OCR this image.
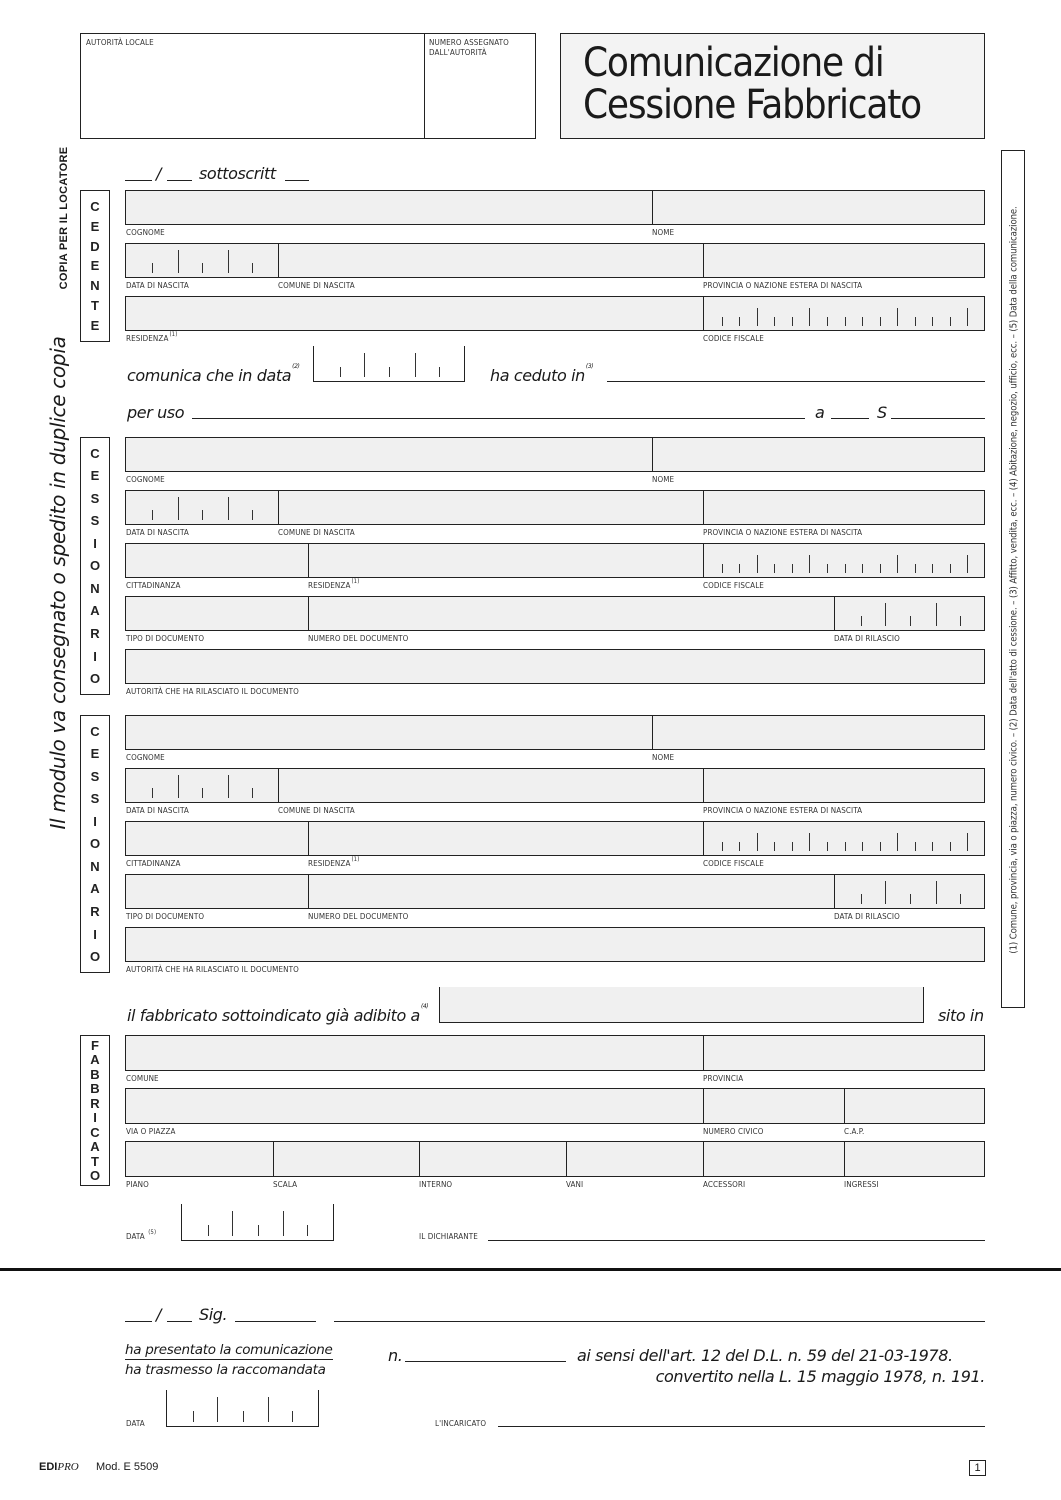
AUTORITÀ LOCALE	NUMERO ASSEGNATO
DALL'AUTORITÀ Comunicazione di
Cessione Fabbricato
COPIA PER IL LOCATORE
Il modulo va consegnato o spedito in duplice copia	(1) Comune, provincia, via o piazza, numero civico. – (2) Data dell'atto di cessione. – (3) Affitto, vendita, ecc. – (4) Abitazione, negozio, ufficio, ecc. – (5) Data della comunicazione.
/ sottoscritt
C
E
D
E
N
T
E
COGNOME	NOME
DATA DI NASCITA	COMUNE DI NASCITA	PROVINCIA O NAZIONE ESTERA DI NASCITA
RESIDENZA$^{(1)}$	CODICE FISCALE
comunica che in data$^{(2)}$	ha ceduto $in^{(3)}$
per uso	a	S
C
E
S
S
I
O
N
A
R
I
O
COGNOME	NOME
DATA DI NASCITA	COMUNE DI NASCITA	PROVINCIA O NAZIONE ESTERA DI NASCITA
CITTADINANZA	RESIDENZA$^{(1)}$	CODICE FISCALE
TIPO DI DOCUMENTO	NUMERO DEL DOCUMENTO	DATA DI RILASCIO
AUTORITÀ CHE HA RILASCIATO IL DOCUMENTO
C
E
S
S
I
O
N
A
R
I
O
COGNOME	NOME
DATA DI NASCITA	COMUNE DI NASCITA	PROVINCIA O NAZIONE ESTERA DI NASCITA
CITTADINANZA	RESIDENZA$^{(1)}$	CODICE FISCALE
TIPO DI DOCUMENTO	NUMERO DEL DOCUMENTO	DATA DI RILASCIO
AUTORITÀ CHE HA RILASCIATO IL DOCUMENTO
il fabbricato sottoindicato già adibito $a^{(4)}$	sito in
F
A
B
B
R
I
C
A
T
O
COMUNE	PROVINCIA
VIA O PIAZZA	NUMERO CIVICO	C.A.P.
PIANO	SCALA	INTERNO	VANI	ACCESSORI	INGRESSI
DATA $^{(5)}$	IL DICHIARANTE
/ Sig.
ha presentato la comunicazione
ha trasmesso la raccomandata
n.	ai sensi dell'art. 12 del D.L. n. 59 del 21-03-1978.
convertito nella L. 15 maggio 1978, n. 191.
DATA	L'INCARICATO
EDIPRO Mod. E 5509	1
